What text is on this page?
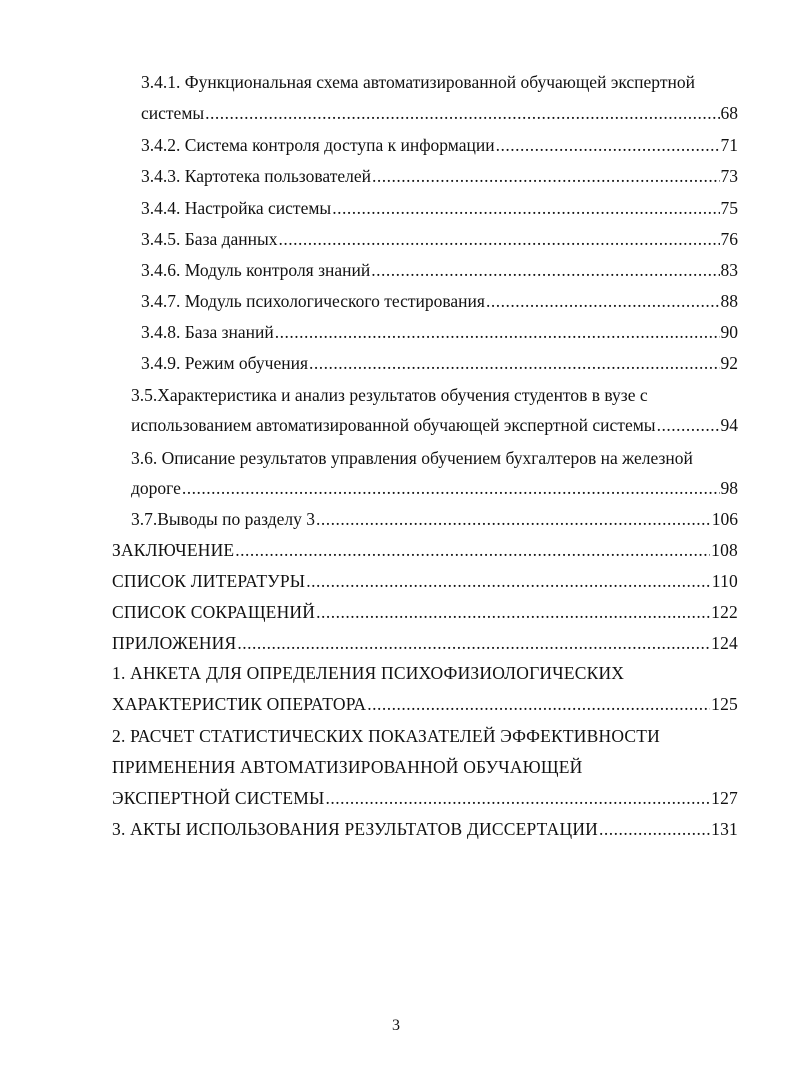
3.4.1. Функциональная схема автоматизированной обучающей экспертной
системы .....	68
3.4.2. Система контроля доступа к информации .....	71
3.4.3. Картотека пользователей .....	73
3.4.4. Настройка системы .....	75
3.4.5. База данных .....	76
3.4.6. Модуль контроля знаний .....	83
3.4.7. Модуль психологического тестирования .....	88
3.4.8. База знаний .....	90
3.4.9. Режим обучения .....	92
3.5.Характеристика и анализ результатов обучения студентов в вузе с
использованием автоматизированной обучающей экспертной системы .....	94
3.6. Описание результатов управления обучением бухгалтеров на железной
дороге .....	98
3.7.Выводы по разделу 3 .....	106
ЗАКЛЮЧЕНИЕ .....	108
СПИСОК ЛИТЕРАТУРЫ .....	110
СПИСОК СОКРАЩЕНИЙ .....	122
ПРИЛОЖЕНИЯ .....	124
1. АНКЕТА ДЛЯ ОПРЕДЕЛЕНИЯ ПСИХОФИЗИОЛОГИЧЕСКИХ
ХАРАКТЕРИСТИК ОПЕРАТОРА .....	125
2. РАСЧЕТ СТАТИСТИЧЕСКИХ ПОКАЗАТЕЛЕЙ ЭФФЕКТИВНОСТИ
ПРИМЕНЕНИЯ АВТОМАТИЗИРОВАННОЙ ОБУЧАЮЩЕЙ
ЭКСПЕРТНОЙ СИСТЕМЫ .....	127
3. АКТЫ ИСПОЛЬЗОВАНИЯ РЕЗУЛЬТАТОВ ДИССЕРТАЦИИ .....	131
3
